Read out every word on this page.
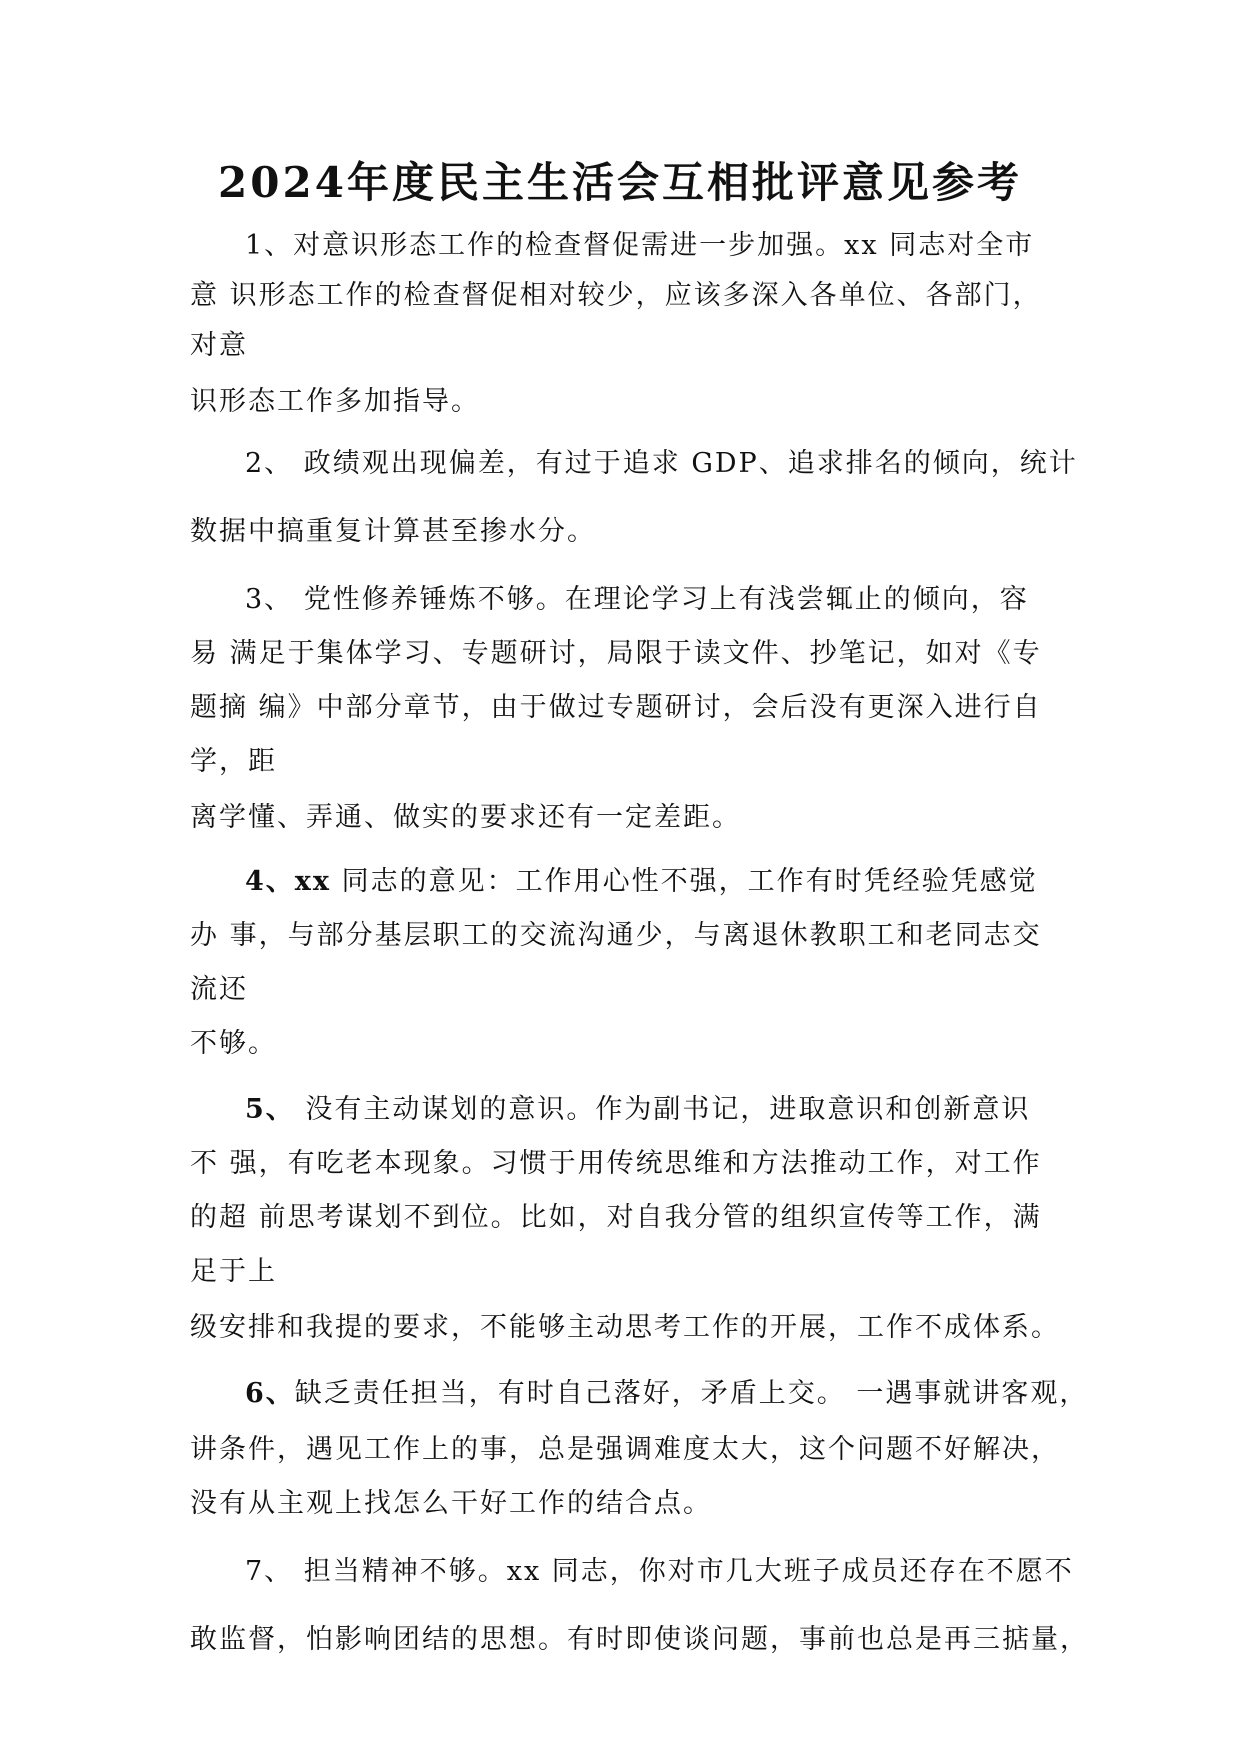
2024年度民主生活会互相批评意见参考
1、对意识形态工作的检查督促需进一步加强。xx 同志对全市
意 识形态工作的检查督促相对较少，应该多深入各单位、各部门，
对意
识形态工作多加指导。
2、 政绩观出现偏差，有过于追求 GDP、追求排名的倾向，统计
数据中搞重复计算甚至掺水分。
3、 党性修养锤炼不够。在理论学习上有浅尝辄止的倾向，容
易 满足于集体学习、专题研讨，局限于读文件、抄笔记，如对《专
题摘 编》中部分章节，由于做过专题研讨，会后没有更深入进行自
学，距
离学懂、弄通、做实的要求还有一定差距。
4、xx 同志的意见：工作用心性不强，工作有时凭经验凭感觉
办 事，与部分基层职工的交流沟通少，与离退休教职工和老同志交
流还
不够。
5、 没有主动谋划的意识。作为副书记，进取意识和创新意识
不 强，有吃老本现象。习惯于用传统思维和方法推动工作，对工作
的超 前思考谋划不到位。比如，对自我分管的组织宣传等工作，满
足于上
级安排和我提的要求，不能够主动思考工作的开展，工作不成体系。
6、缺乏责任担当，有时自己落好，矛盾上交。 一遇事就讲客观，
讲条件，遇见工作上的事，总是强调难度太大，这个问题不好解决，
没有从主观上找怎么干好工作的结合点。
7、 担当精神不够。xx 同志，你对市几大班子成员还存在不愿不
敢监督，怕影响团结的思想。有时即使谈问题，事前也总是再三掂量，
